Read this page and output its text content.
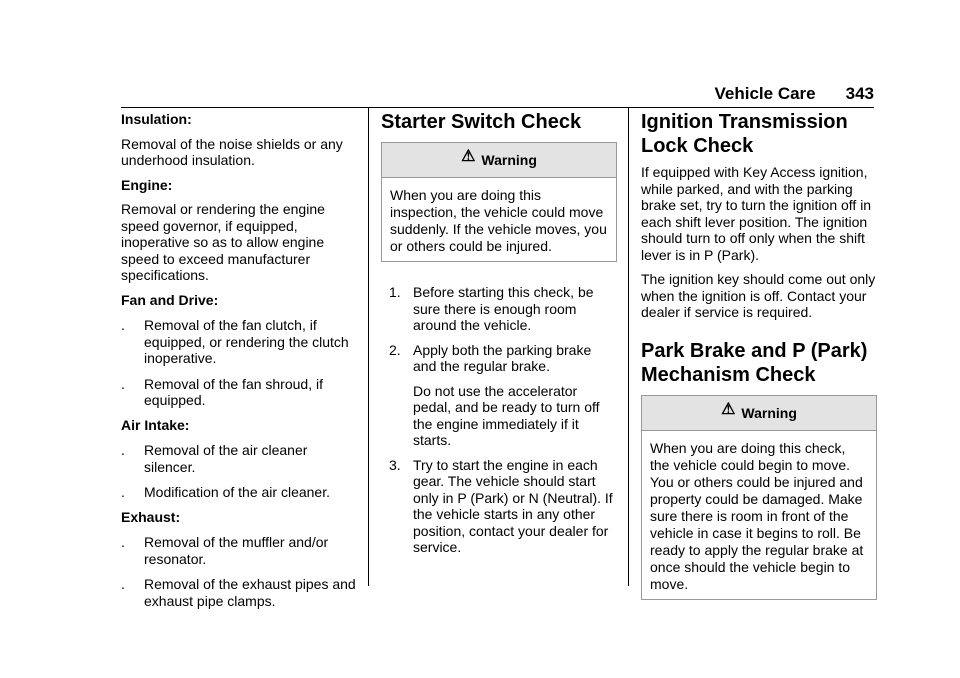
Vehicle Care 343

Insulation:

Removal of the noise shields or any underhood insulation.

Engine:

Removal or rendering the engine speed governor, if equipped, inoperative so as to allow engine speed to exceed manufacturer specifications.

Fan and Drive:

.	Removal of the fan clutch, if equipped, or rendering the clutch inoperative.
.	Removal of the fan shroud, if equipped.

Air Intake:

.	Removal of the air cleaner silencer.
.	Modification of the air cleaner.

Exhaust:

.	Removal of the muffler and/or resonator.
.	Removal of the exhaust pipes and exhaust pipe clamps.
Starter Switch Check
⚠ Warning
When you are doing this inspection, the vehicle could move suddenly. If the vehicle moves, you or others could be injured.
1. Before starting this check, be sure there is enough room around the vehicle.

2. Apply both the parking brake and the regular brake.

Do not use the accelerator pedal, and be ready to turn off the engine immediately if it starts.

3. Try to start the engine in each gear. The vehicle should start only in P (Park) or N (Neutral). If the vehicle starts in any other position, contact your dealer for service.

Ignition Transmission Lock Check

If equipped with Key Access ignition, while parked, and with the parking brake set, try to turn the ignition off in each shift lever position. The ignition should turn to off only when the shift lever is in P (Park).

The ignition key should come out only when the ignition is off. Contact your dealer if service is required.

Park Brake and P (Park) Mechanism Check
⚠ Warning
When you are doing this check, the vehicle could begin to move. You or others could be injured and property could be damaged. Make sure there is room in front of the vehicle in case it begins to roll. Be ready to apply the regular brake at once should the vehicle begin to move.
